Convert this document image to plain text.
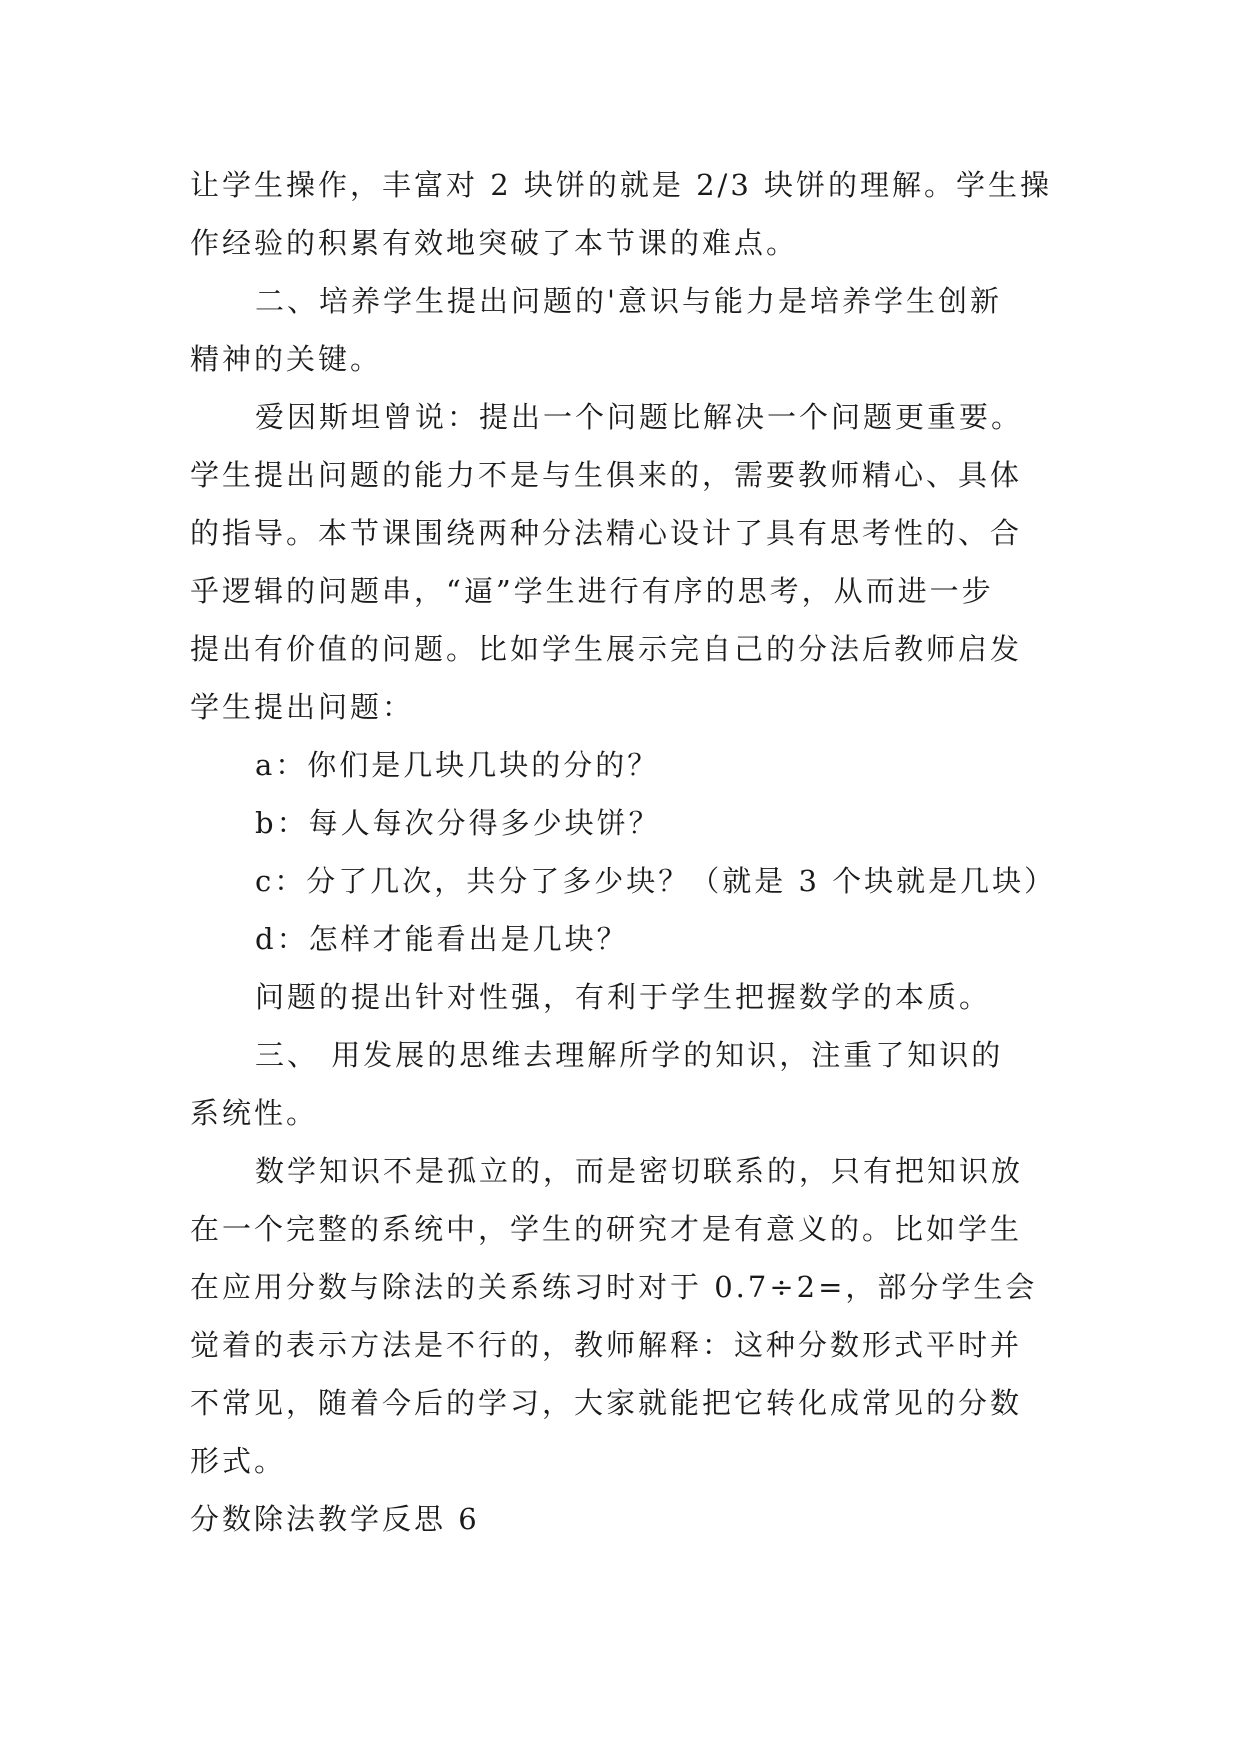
让学生操作，丰富对 2 块饼的就是 2/3 块饼的理解。学生操
作经验的积累有效地突破了本节课的难点。
二、培养学生提出问题的'意识与能力是培养学生创新
精神的关键。
爱因斯坦曾说：提出一个问题比解决一个问题更重要。
学生提出问题的能力不是与生俱来的，需要教师精心、具体
的指导。本节课围绕两种分法精心设计了具有思考性的、合
乎逻辑的问题串，“逼”学生进行有序的思考，从而进一步
提出有价值的问题。比如学生展示完自己的分法后教师启发
学生提出问题：
a：你们是几块几块的分的？
b：每人每次分得多少块饼？
c：分了几次，共分了多少块？（就是 3 个块就是几块）
d：怎样才能看出是几块？
问题的提出针对性强，有利于学生把握数学的本质。
三、 用发展的思维去理解所学的知识，注重了知识的
系统性。
数学知识不是孤立的，而是密切联系的，只有把知识放
在一个完整的系统中，学生的研究才是有意义的。比如学生
在应用分数与除法的关系练习时对于 0.7÷2=，部分学生会
觉着的表示方法是不行的，教师解释：这种分数形式平时并
不常见，随着今后的学习，大家就能把它转化成常见的分数
形式。
分数除法教学反思 6
